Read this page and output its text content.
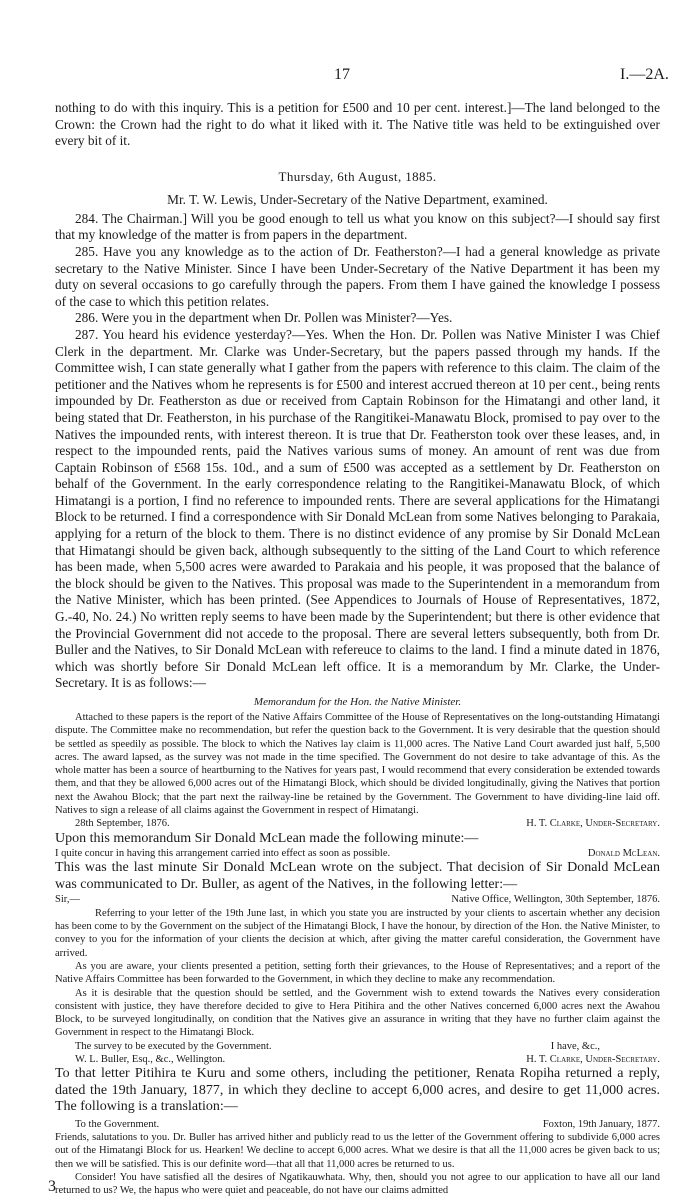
17	I.—2A.

nothing to do with this inquiry. This is a petition for £500 and 10 per cent. interest.]—The land belonged to the Crown: the Crown had the right to do what it liked with it. The Native title was held to be extinguished over every bit of it.

Thursday, 6th August, 1885.
Mr. T. W. Lewis, Under-Secretary of the Native Department, examined.

284. The Chairman.] Will you be good enough to tell us what you know on this subject?—I should say first that my knowledge of the matter is from papers in the department.

285. Have you any knowledge as to the action of Dr. Featherston?—I had a general knowledge as private secretary to the Native Minister. Since I have been Under-Secretary of the Native Department it has been my duty on several occasions to go carefully through the papers. From them I have gained the knowledge I possess of the case to which this petition relates.

286. Were you in the department when Dr. Pollen was Minister?—Yes.

287. You heard his evidence yesterday?—Yes. When the Hon. Dr. Pollen was Native Minister I was Chief Clerk in the department. Mr. Clarke was Under-Secretary, but the papers passed through my hands. If the Committee wish, I can state generally what I gather from the papers with reference to this claim. The claim of the petitioner and the Natives whom he represents is for £500 and interest accrued thereon at 10 per cent., being rents impounded by Dr. Featherston as due or received from Captain Robinson for the Himatangi and other land, it being stated that Dr. Featherston, in his purchase of the Rangitikei-Manawatu Block, promised to pay over to the Natives the impounded rents, with interest thereon. It is true that Dr. Featherston took over these leases, and, in respect to the impounded rents, paid the Natives various sums of money. An amount of rent was due from Captain Robinson of £568 15s. 10d., and a sum of £500 was accepted as a settlement by Dr. Featherston on behalf of the Government. In the early correspondence relating to the Rangitikei-Manawatu Block, of which Himatangi is a portion, I find no reference to impounded rents. There are several applications for the Himatangi Block to be returned. I find a correspondence with Sir Donald McLean from some Natives belonging to Parakaia, applying for a return of the block to them. There is no distinct evidence of any promise by Sir Donald McLean that Himatangi should be given back, although subsequently to the sitting of the Land Court to which reference has been made, when 5,500 acres were awarded to Parakaia and his people, it was proposed that the balance of the block should be given to the Natives. This proposal was made to the Superintendent in a memorandum from the Native Minister, which has been printed. (See Appendices to Journals of House of Representatives, 1872, G.-40, No. 24.) No written reply seems to have been made by the Superintendent; but there is other evidence that the Provincial Government did not accede to the proposal. There are several letters subsequently, both from Dr. Buller and the Natives, to Sir Donald McLean with refereuce to claims to the land. I find a minute dated in 1876, which was shortly before Sir Donald McLean left office. It is a memorandum by Mr. Clarke, the Under-Secretary. It is as follows:—

Memorandum for the Hon. the Native Minister.

Attached to these papers is the report of the Native Affairs Committee of the House of Representatives on the long-outstanding Himatangi dispute. The Committee make no recommendation, but refer the question back to the Government. It is very desirable that the question should be settled as speedily as possible. The block to which the Natives lay claim is 11,000 acres. The Native Land Court awarded just half, 5,500 acres. The award lapsed, as the survey was not made in the time specified. The Government do not desire to take advantage of this. As the whole matter has been a source of heartburning to the Natives for years past, I would recommend that every consideration be extended towards them, and that they be allowed 6,000 acres out of the Himatangi Block, which should be divided longitudinally, giving the Natives that portion next the Awahou Block; that the part next the railway-line be retained by the Government. The Government to have dividing-line laid off. Natives to sign a release of all claims against the Government in respect of Himatangi.

28th September, 1876.	H. T. Clarke, Under-Secretary.

Upon this memorandum Sir Donald McLean made the following minute:—

I quite concur in having this arrangement carried into effect as soon as possible.	Donald McLean.

This was the last minute Sir Donald McLean wrote on the subject. That decision of Sir Donald McLean was communicated to Dr. Buller, as agent of the Natives, in the following letter:—

Sir,—	Native Office, Wellington, 30th September, 1876.

Referring to your letter of the 19th June last, in which you state you are instructed by your clients to ascertain whether any decision has been come to by the Government on the subject of the Himatangi Block, I have the honour, by direction of the Hon. the Native Minister, to convey to you for the information of your clients the decision at which, after giving the matter careful consideration, the Government have arrived.

As you are aware, your clients presented a petition, setting forth their grievances, to the House of Representatives; and a report of the Native Affairs Committee has been forwarded to the Government, in which they decline to make any recommendation.

As it is desirable that the question should be settled, and the Government wish to extend towards the Natives every consideration consistent with justice, they have therefore decided to give to Hera Pitihira and the other Natives concerned 6,000 acres next the Awahou Block, to be surveyed longitudinally, on condition that the Natives give an assurance in writing that they have no further claim against the Government in respect to the Himatangi Block.

The survey to be executed by the Government.	I have, &c.,
W. L. Buller, Esq., &c., Wellington.	H. T. Clarke, Under-Secretary.

To that letter Pitihira te Kuru and some others, including the petitioner, Renata Ropiha returned a reply, dated the 19th January, 1877, in which they decline to accept 6,000 acres, and desire to get 11,000 acres. The following is a translation:—

To the Government.	Foxton, 19th January, 1877.

Friends, salutations to you. Dr. Buller has arrived hither and publicly read to us the letter of the Government offering to subdivide 6,000 acres out of the Himatangi Block for us. Hearken! We decline to accept 6,000 acres. What we desire is that all the 11,000 acres be given back to us; then we will be satisfied. This is our definite word—that all that 11,000 acres be returned to us.

Consider! You have satisfied all the desires of Ngatikauwhata. Why, then, should you not agree to our application to have all our land returned to us? We, the hapus who were quiet and peaceable, do not have our claims admitted

3
